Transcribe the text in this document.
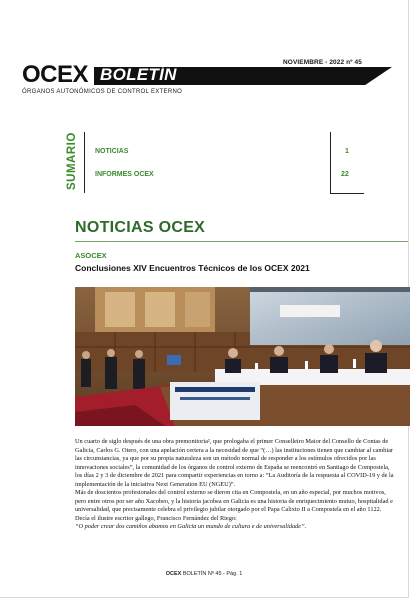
NOVIEMBRE - 2022 nº 45
OCEX BOLETÍN
ÓRGANOS AUTONÓMICOS DE CONTROL EXTERNO
SUMARIO NOTICIAS	1
INFORMES OCEX	22
NOTICIAS OCEX
ASOCEX
Conclusiones XIV Encuentros Técnicos de los OCEX 2021

Un cuarto de siglo después de una obra premonitoria², que prologaba el primer Conselleiro Maior del Consello de Contas de Galicia, Carlos G. Otero, con una apelación certera a la necesidad de que “(…) las instituciones tienen que cambiar al cambiar las circunstancias, ya que por su propia naturaleza son un método normal de responder a los estímulos ofrecidos por las innovaciones sociales”, la comunidad de los órganos de control externo de España se reencontró en Santiago de Compostela, los días 2 y 3 de diciembre de 2021 para compartir experiencias en torno a: “La Auditoría de la respuesta al COVID-19 y de la implementación de la iniciativa Next Generation EU (NGEU)”.

Más de doscientos profesionales del control externo se dieron cita en Compostela, en un año especial, por muchos motivos, pero entre otros por ser año Xacobeo, y la historia jacobea en Galicia es una historia de enriquecimiento mutuo, hospitalidad e universalidad, que precisamente celebra el privilegio jubilar otorgado por el Papa Calixto II a Compostela en el año 1122. Decía el ilustre escritor gallego, Francisco Fernández del Riego:

“O poder crear dos camiños abamos en Galicia un mundo de cultura e de universalidade”.

OCEX BOLETÍN Nº 45 - Pág. 1
